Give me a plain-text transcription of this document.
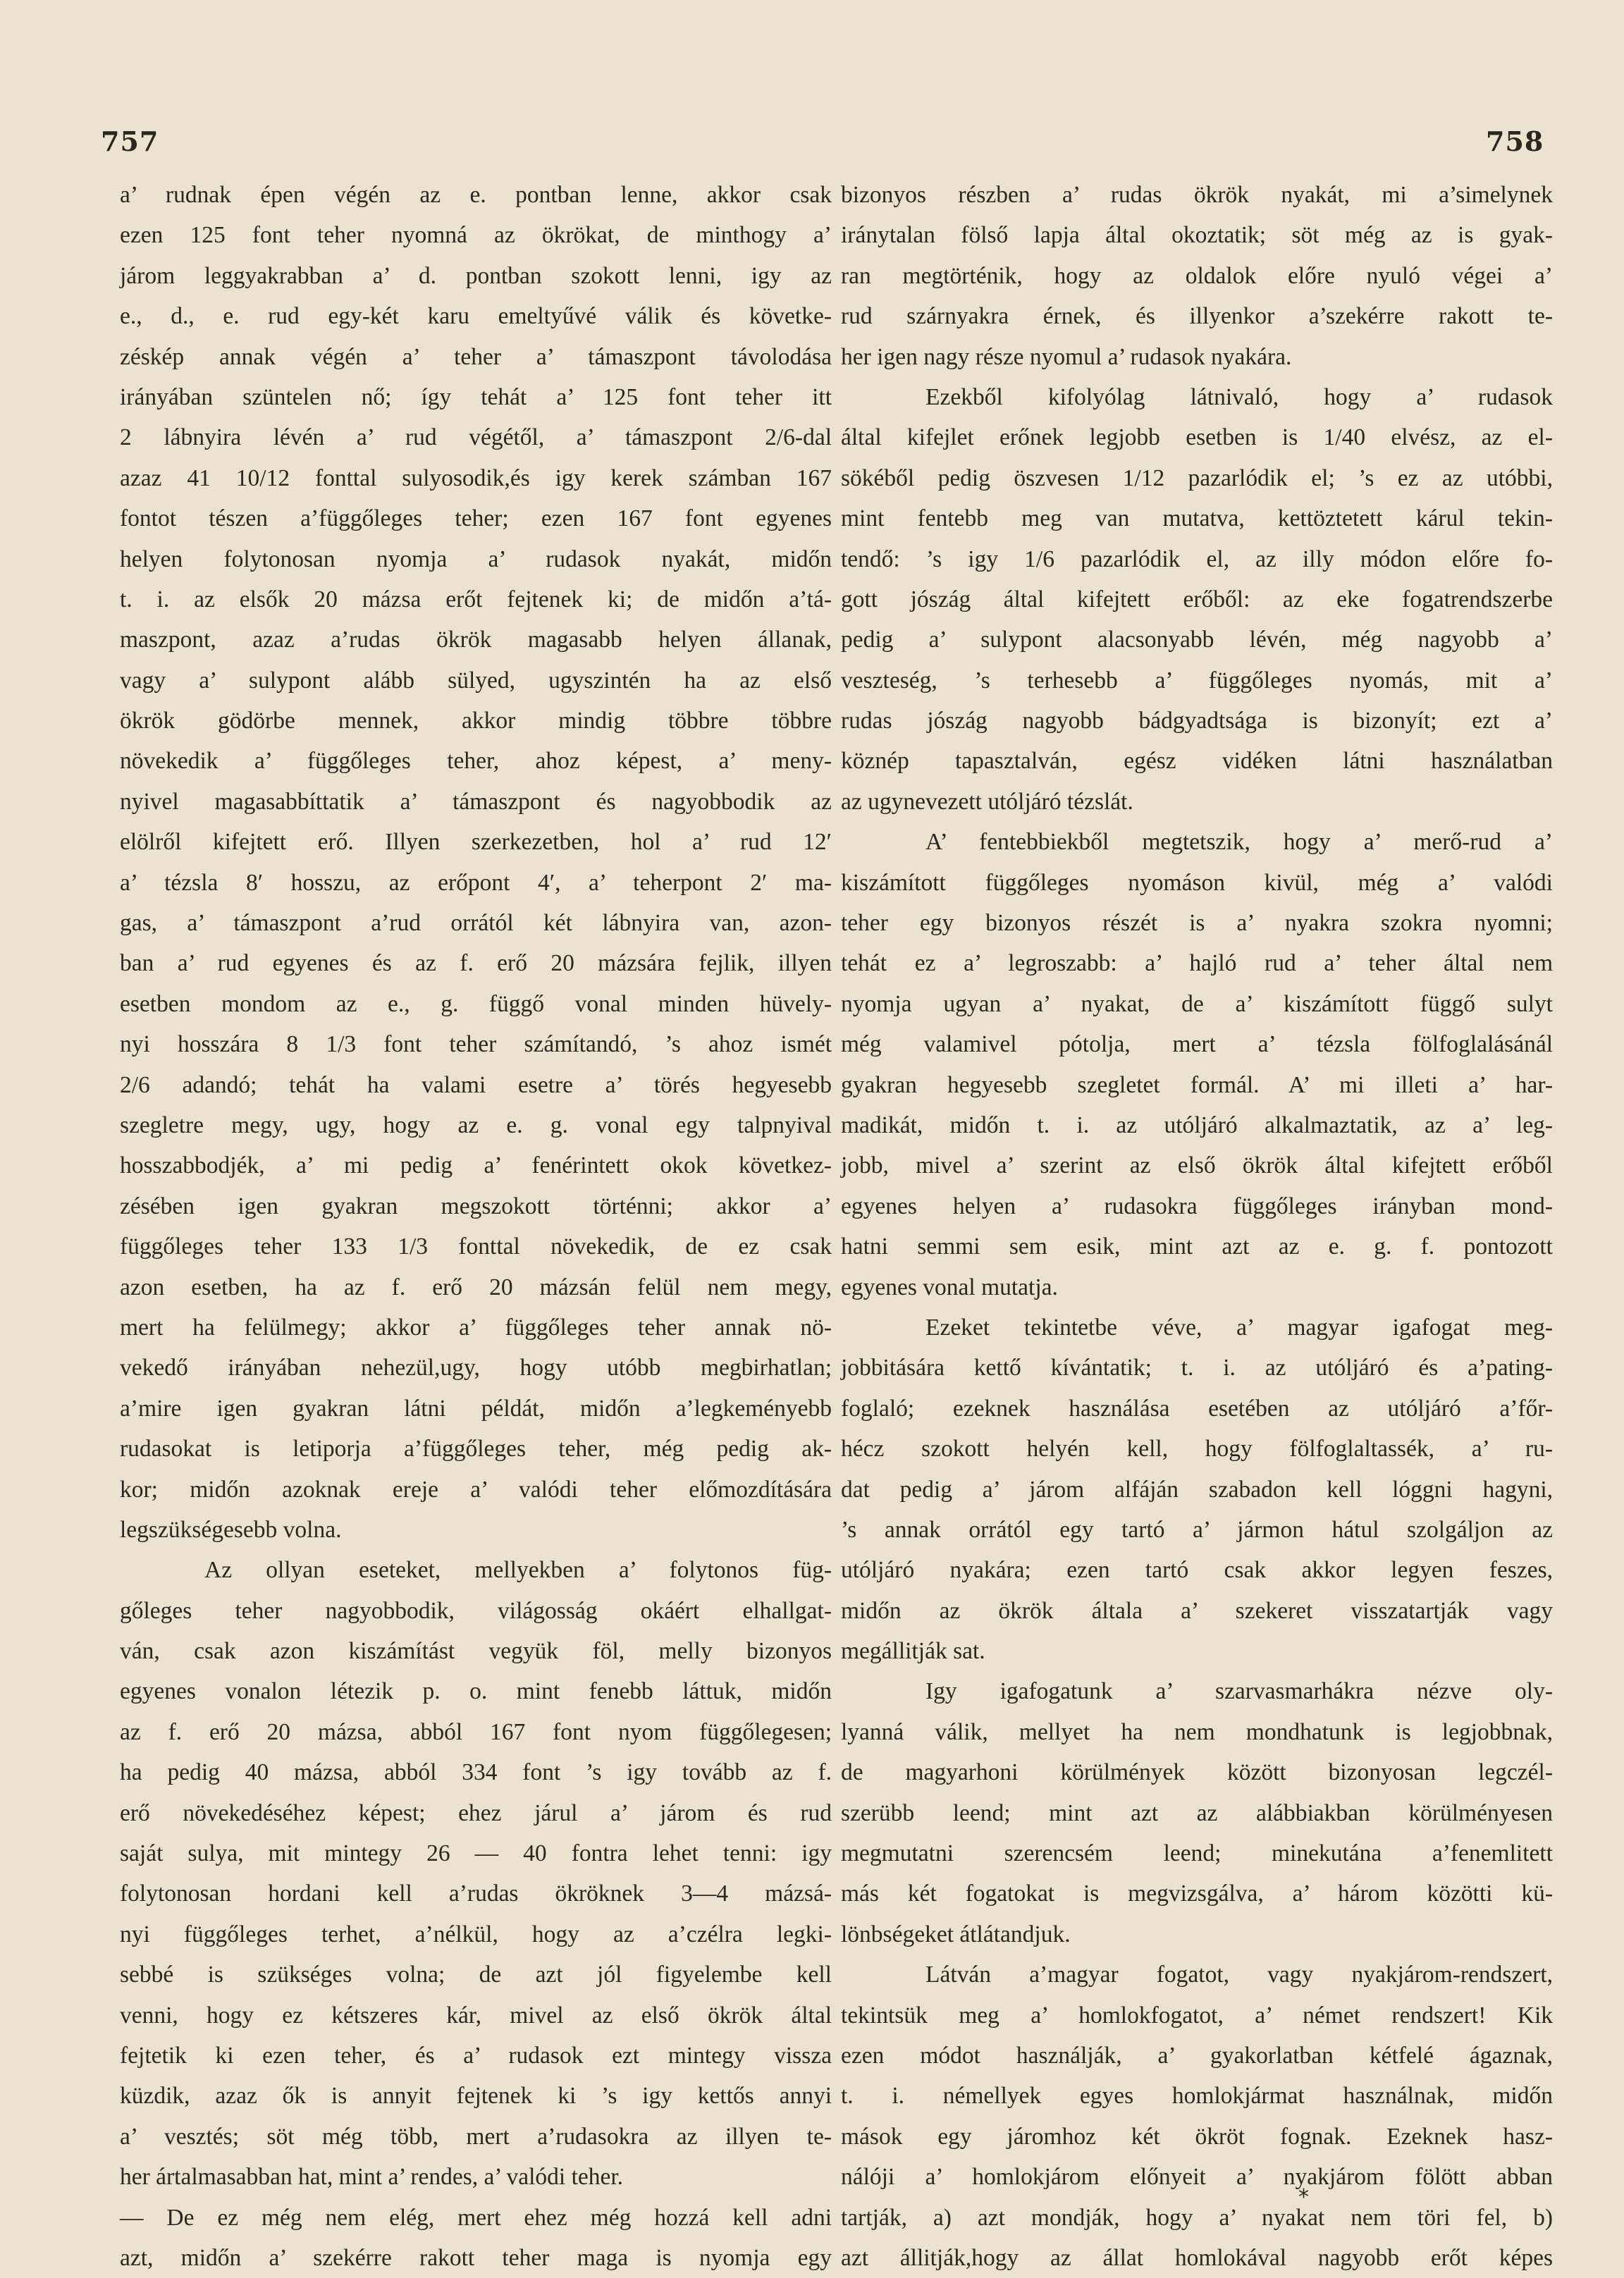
757	758
a’ rudnak épen végén az e. pontban lenne, akkor csak
ezen 125 font teher nyomná az ökrökat, de minthogy a’
járom leggyakrabban a’ d. pontban szokott lenni, igy az
e., d., e. rud egy-két karu emeltyűvé válik és követke-
zéskép annak végén a’ teher a’ támaszpont távolodása
irányában szüntelen nő; így tehát a’ 125 font teher itt
2 lábnyira lévén a’ rud végétől, a’ támaszpont 2/6-dal
azaz 41 10/12 fonttal sulyosodik,és igy kerek számban 167
fontot tészen a’függőleges teher; ezen 167 font egyenes
helyen folytonosan nyomja a’ rudasok nyakát, midőn
t. i. az elsők 20 mázsa erőt fejtenek ki; de midőn a’tá-
maszpont, azaz a’rudas ökrök magasabb helyen állanak,
vagy a’ sulypont alább sülyed, ugyszintén ha az első
ökrök gödörbe mennek, akkor mindig többre többre
növekedik a’ függőleges teher, ahoz képest, a’ meny-
nyivel magasabbíttatik a’ támaszpont és nagyobbodik az
elölről kifejtett erő. Illyen szerkezetben, hol a’ rud 12′
a’ tézsla 8′ hosszu, az erőpont 4′, a’ teherpont 2′ ma-
gas, a’ támaszpont a’rud orrától két lábnyira van, azon-
ban a’ rud egyenes és az f. erő 20 mázsára fejlik, illyen
esetben mondom az e., g. függő vonal minden hüvely-
nyi hosszára 8 1/3 font teher számítandó, ’s ahoz ismét
2/6 adandó; tehát ha valami esetre a’ törés hegyesebb
szegletre megy, ugy, hogy az e. g. vonal egy talpnyival
hosszabbodjék, a’ mi pedig a’ fenérintett okok következ-
zésében igen gyakran megszokott történni; akkor a’
függőleges teher 133 1/3 fonttal növekedik, de ez csak
azon esetben, ha az f. erő 20 mázsán felül nem megy,
mert ha felülmegy; akkor a’ függőleges teher annak nö-
vekedő irányában nehezül,ugy, hogy utóbb megbirhatlan;
a’mire igen gyakran látni példát, midőn a’legkeményebb
rudasokat is letiporja a’függőleges teher, még pedig ak-
kor; midőn azoknak ereje a’ valódi teher előmozdítására
legszükségesebb volna.
Az ollyan eseteket, mellyekben a’ folytonos füg-
gőleges teher nagyobbodik, világosság okáért elhallgat-
ván, csak azon kiszámítást vegyük föl, melly bizonyos
egyenes vonalon létezik p. o. mint fenebb láttuk, midőn
az f. erő 20 mázsa, abból 167 font nyom függőlegesen;
ha pedig 40 mázsa, abból 334 font ’s igy tovább az f.
erő növekedéséhez képest; ehez járul a’ járom és rud
saját sulya, mit mintegy 26 — 40 fontra lehet tenni: igy
folytonosan hordani kell a’rudas ökröknek 3—4 mázsá-
nyi függőleges terhet, a’nélkül, hogy az a’czélra legki-
sebbé is szükséges volna; de azt jól figyelembe kell
venni, hogy ez kétszeres kár, mivel az első ökrök által
fejtetik ki ezen teher, és a’ rudasok ezt mintegy vissza
küzdik, azaz ők is annyit fejtenek ki ’s igy kettős annyi
a’ vesztés; söt még több, mert a’rudasokra az illyen te-
her ártalmasabban hat, mint a’ rendes, a’ valódi teher.
— De ez még nem elég, mert ehez még hozzá kell adni
azt, midőn a’ szekérre rakott teher maga is nyomja egy
bizonyos részben a’ rudas ökrök nyakát, mi a’simelynek
iránytalan fölső lapja által okoztatik; söt még az is gyak-
ran megtörténik, hogy az oldalok előre nyuló végei a’
rud szárnyakra érnek, és illyenkor a’szekérre rakott te-
her igen nagy része nyomul a’ rudasok nyakára.
Ezekből kifolyólag látnivaló, hogy a’ rudasok
által kifejlet erőnek legjobb esetben is 1/40 elvész, az el-
sökéből pedig öszvesen 1/12 pazarlódik el; ’s ez az utóbbi,
mint fentebb meg van mutatva, kettöztetett kárul tekin-
tendő: ’s igy 1/6 pazarlódik el, az illy módon előre fo-
gott jószág által kifejtett erőből: az eke fogatrendszerbe
pedig a’ sulypont alacsonyabb lévén, még nagyobb a’
veszteség, ’s terhesebb a’ függőleges nyomás, mit a’
rudas jószág nagyobb bádgyadtsága is bizonyít; ezt a’
köznép tapasztalván, egész vidéken látni használatban
az ugynevezett utóljáró tézslát.
A’ fentebbiekből megtetszik, hogy a’ merő-rud a’
kiszámított függőleges nyomáson kivül, még a’ valódi
teher egy bizonyos részét is a’ nyakra szokra nyomni;
tehát ez a’ legroszabb: a’ hajló rud a’ teher által nem
nyomja ugyan a’ nyakat, de a’ kiszámított függő sulyt
még valamivel pótolja, mert a’ tézsla fölfoglalásánál
gyakran hegyesebb szegletet formál. A’ mi illeti a’ har-
madikát, midőn t. i. az utóljáró alkalmaztatik, az a’ leg-
jobb, mivel a’ szerint az első ökrök által kifejtett erőből
egyenes helyen a’ rudasokra függőleges irányban mond-
hatni semmi sem esik, mint azt az e. g. f. pontozott
egyenes vonal mutatja.
Ezeket tekintetbe véve, a’ magyar igafogat meg-
jobbitására kettő kívántatik; t. i. az utóljáró és a’pating-
foglaló; ezeknek használása esetében az utóljáró a’főr-
hécz szokott helyén kell, hogy fölfoglaltassék, a’ ru-
dat pedig a’ járom alfáján szabadon kell lóggni hagyni,
’s annak orrától egy tartó a’ jármon hátul szolgáljon az
utóljáró nyakára; ezen tartó csak akkor legyen feszes,
midőn az ökrök általa a’ szekeret visszatartják vagy
megállitják sat.
Igy igafogatunk a’ szarvasmarhákra nézve oly-
lyanná válik, mellyet ha nem mondhatunk is legjobbnak,
de magyarhoni körülmények között bizonyosan legczél-
szerübb leend; mint azt az alábbiakban körülményesen
megmutatni szerencsém leend; minekutána a’fenemlitett
más két fogatokat is megvizsgálva, a’ három közötti kü-
lönbségeket átlátandjuk.
Látván a’magyar fogatot, vagy nyakjárom-rendszert,
tekintsük meg a’ homlokfogatot, a’ német rendszert! Kik
ezen módot használják, a’ gyakorlatban kétfelé ágaznak,
t. i. némellyek egyes homlokjármat használnak, midőn
mások egy járomhoz két ökröt fognak. Ezeknek hasz-
nálóji a’ homlokjárom előnyeit a’ nyakjárom fölött abban
tartják, a) azt mondják, hogy a’ nyakat nem töri fel, b)
azt állitják,hogy az állat homlokával nagyobb erőt képes
*
